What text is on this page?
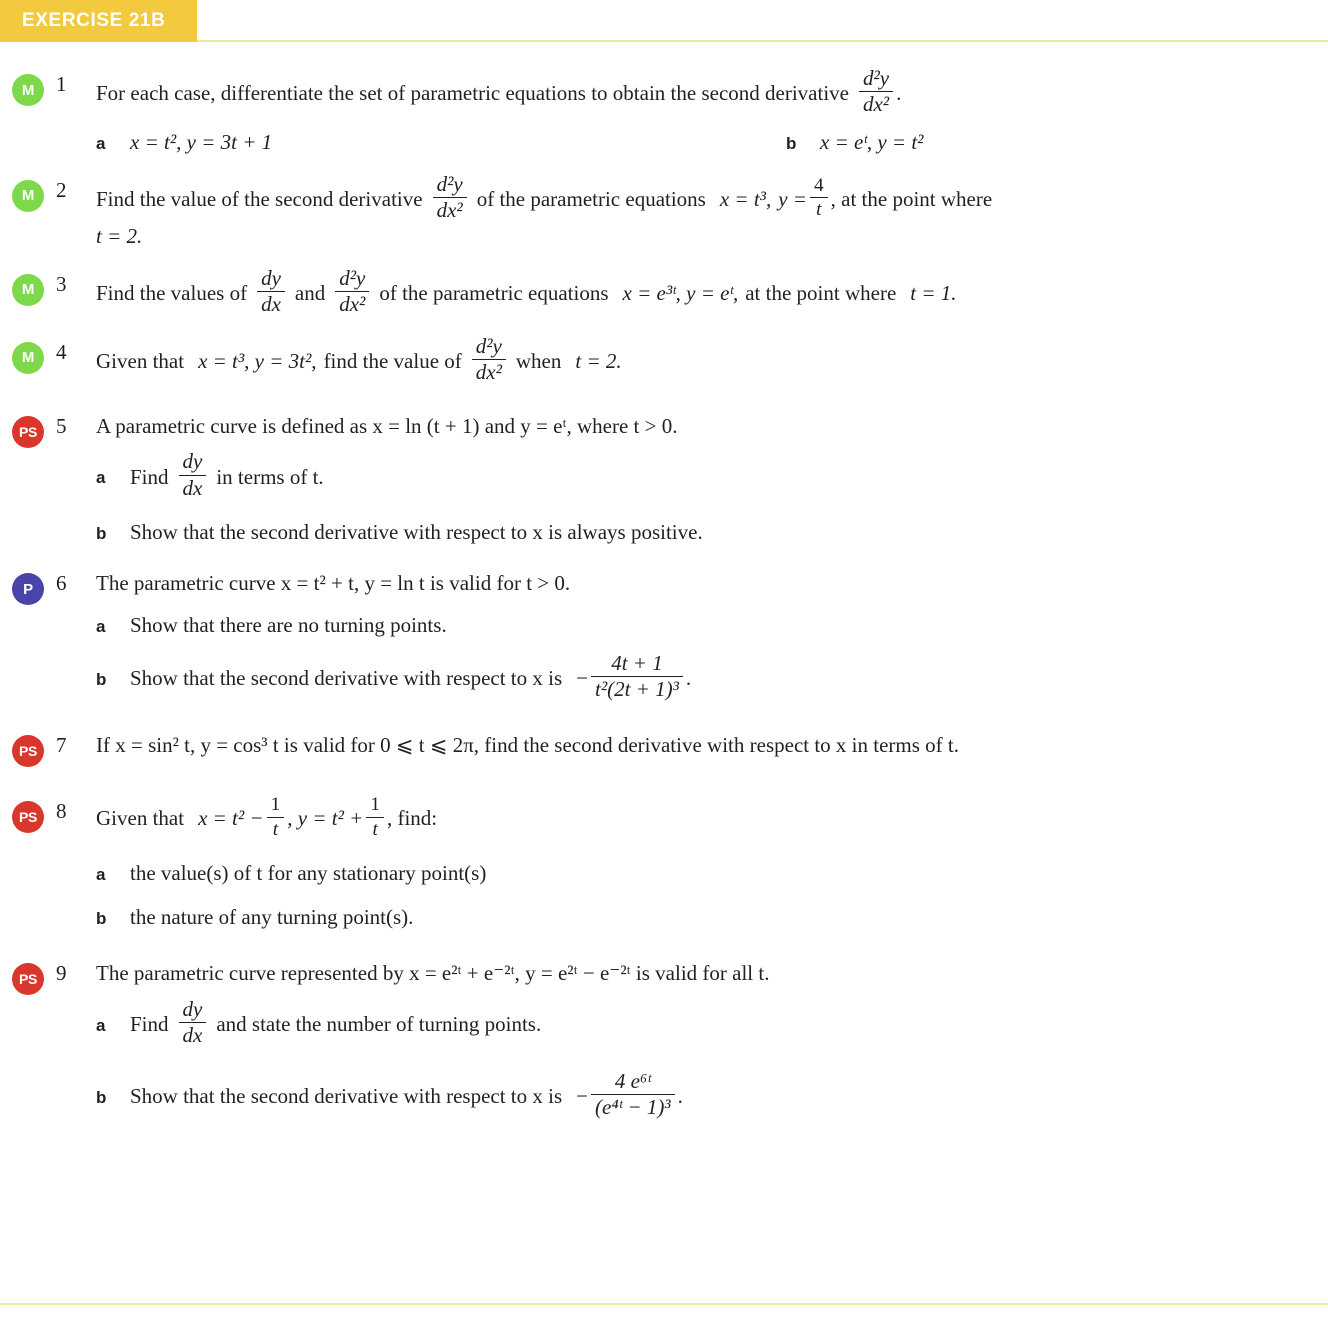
EXERCISE 21B
M	1	For each case, differentiate the set of parametric equations to obtain the second derivative $\frac{\text{d²y}}{\text{dx²}}$ .
a	x = t², y = 3t + 1	b	x = eᵗ, y = t²
M	2	Find the value of the second derivative $\frac{\text{d²y}}{\text{dx²}}$ of the parametric equations x = t³, $y = \frac{4}{t}$ , at the point where
t = 2.
M	3	Find the values of $\frac{dy}{dx}$ and $\frac{\text{d²y}}{\text{dx²}}$ of the parametric equations x = e³ᵗ, y = eᵗ, at the point where t = 1.
M	4	Given that x = t³, y = 3t², find the value of $\frac{\text{d²y}}{\text{dx²}}$ when t = 2.
PS 5	A parametric curve is defined as x = ln (t + 1) and y = eᵗ, where t > 0.
a	Find $\frac{dy}{dx}$ in terms of t.
b	Show that the second derivative with respect to x is always positive.
P	6	The parametric curve x = t² + t, y = ln t is valid for t > 0.
a	Show that there are no turning points.
b	Show that the second derivative with respect to x is − $\frac{4t + 1}{\text{t²(2t + 1)³}}$ .
PS 7	If x = sin² t, y = cos³ t is valid for 0 ⩽ t ⩽ 2π, find the second derivative with respect to x in terms of t.
PS 8	Given that $x = t^2 - \frac{1}{t}$ , $y = t^2 + \frac{1}{t}$ , find:
a	the value(s) of t for any stationary point(s)
b	the nature of any turning point(s).
PS 9	The parametric curve represented by x = e²ᵗ + e⁻²ᵗ, y = e²ᵗ − e⁻²ᵗ is valid for all t.
a	Find $\frac{dy}{dx}$ and state the number of turning points.
b	Show that the second derivative with respect to x is − $\frac{\text{4 e⁶ᵗ}}{\text{(e⁴ᵗ − 1)³}}$ .
